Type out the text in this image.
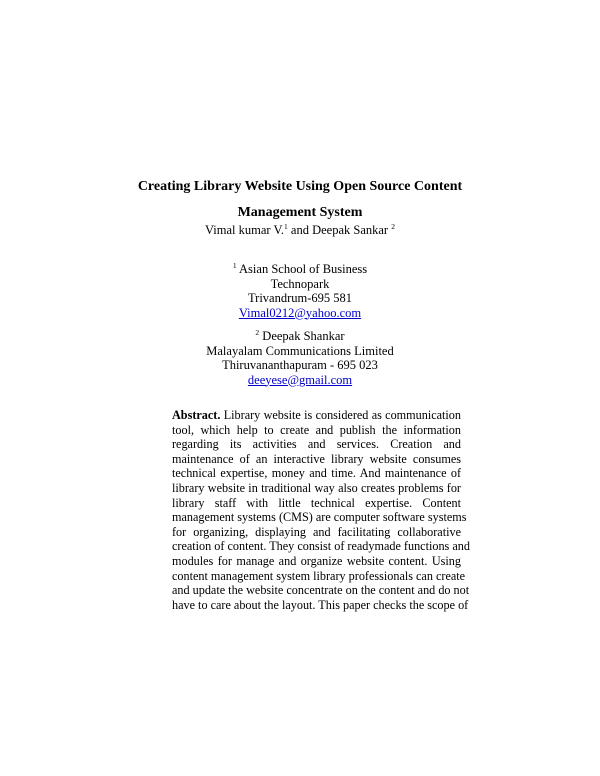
Creating Library Website Using Open Source Content
Management System
Vimal kumar V.$^1$ and Deepak Sankar $^2$
$^1$ Asian School of Business
Technopark
Trivandrum-695 581
Vimal0212@yahoo.com
$^2$ Deepak Shankar
Malayalam Communications Limited
Thiruvananthapuram - 695 023
deeyese@gmail.com
Abstract. Library website is considered as communication
tool, which help to create and publish the information
regarding its activities and services. Creation and
maintenance of an interactive library website consumes
technical expertise, money and time. And maintenance of
library website in traditional way also creates problems for
library staff with little technical expertise. Content
management systems (CMS) are computer software systems
for organizing, displaying and facilitating collaborative
creation of content. They consist of readymade functions and
modules for manage and organize website content. Using
content management system library professionals can create
and update the website concentrate on the content and do not
have to care about the layout. This paper checks the scope of
